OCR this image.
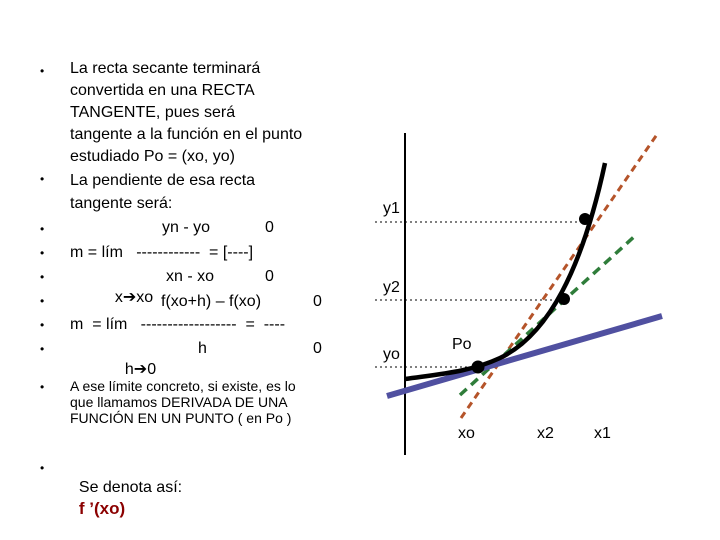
•
•
•
•
•
•
•
•
•
•
La recta secante terminará
convertida en una RECTA
TANGENTE, pues será
tangente a la función en el punto
estudiado Po = (xo, yo)
La pendiente de esa recta
tangente será:
yn - yo	0
m = lím   ------------  = [----]

x➔xo

xn - xo	0
f(xo+h) – f(xo)	0
m  = lím   ------------------  =  ----

h➔0

h	0
A ese límite concreto, si existe, es lo
que llamamos DERIVADA DE UNA
FUNCIÓN EN UN PUNTO ( en Po )

Se denota así:
f ’(xo)

y1
y2
yo
Po
xo	x2	x1
